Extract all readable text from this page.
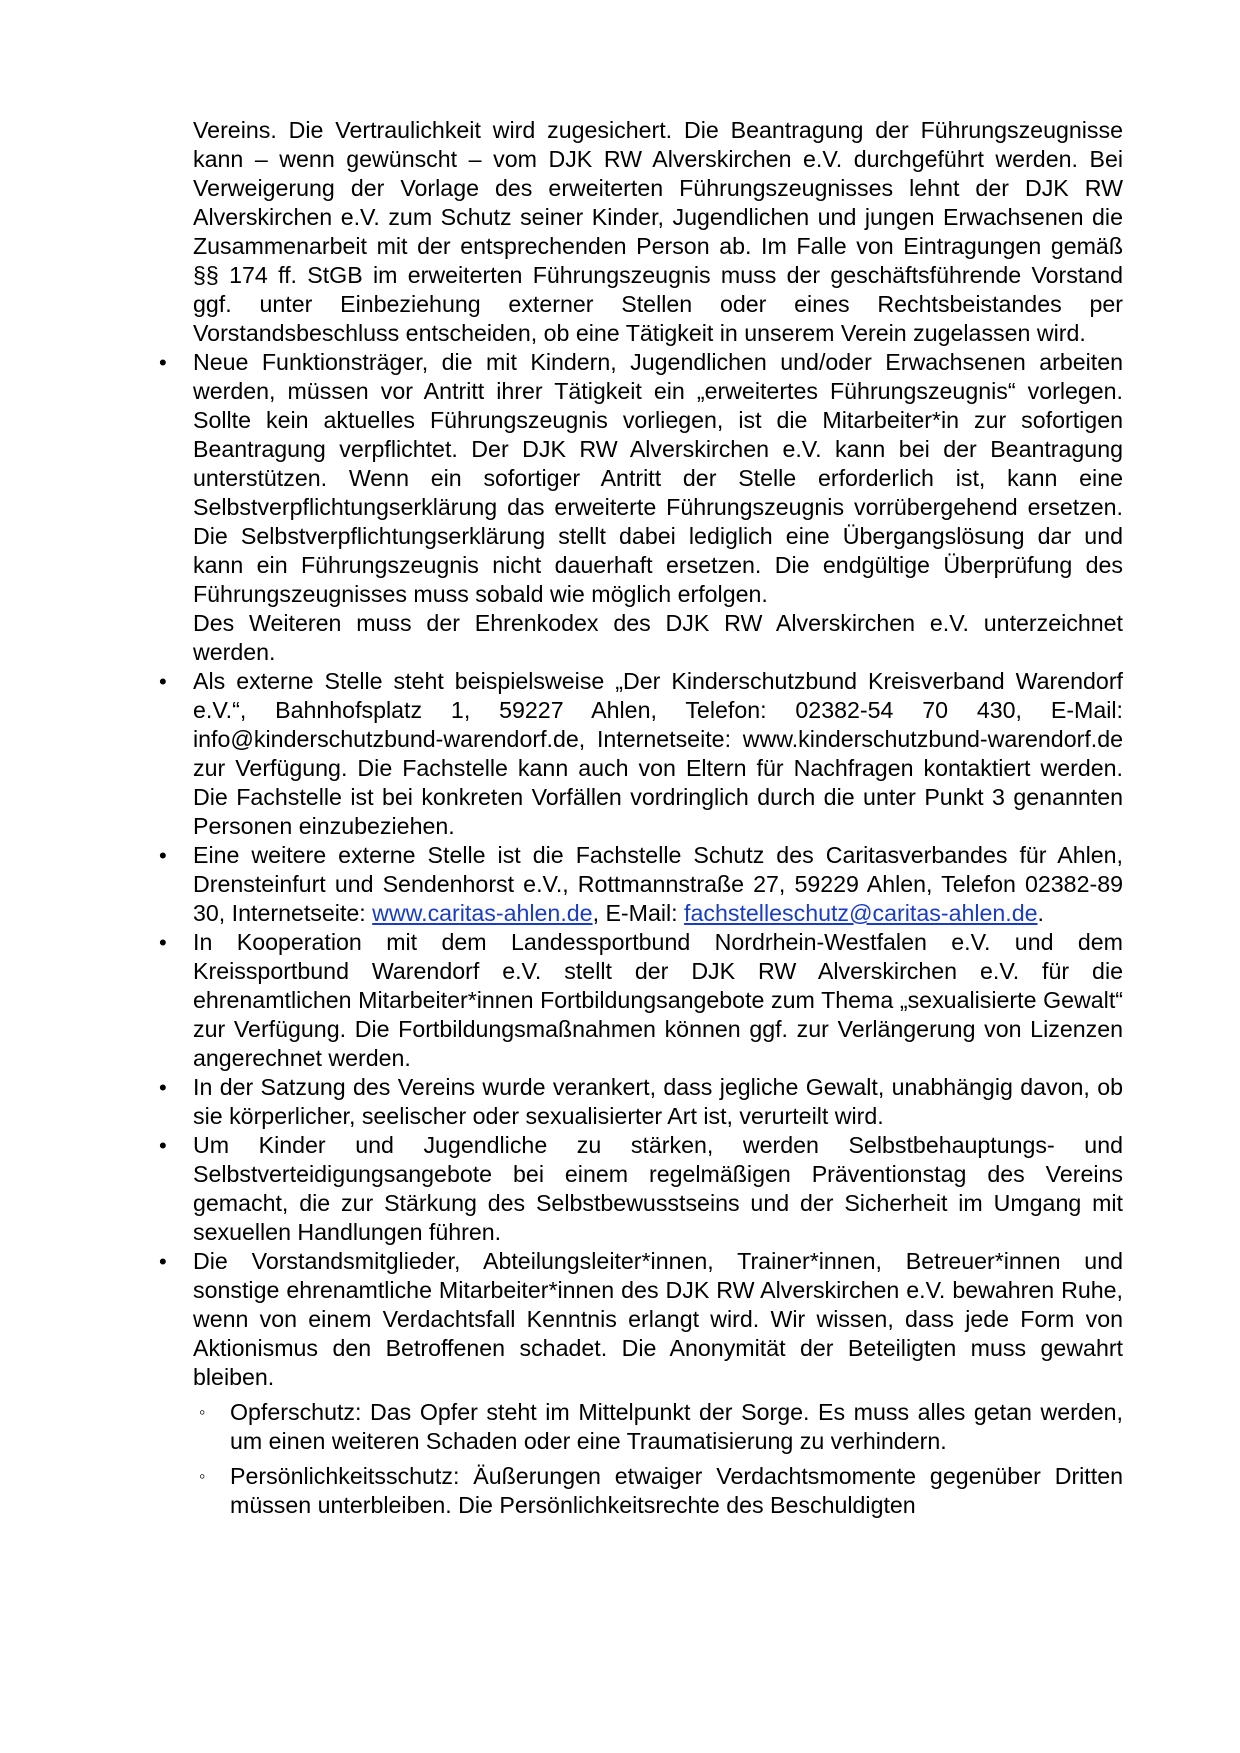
Vereins. Die Vertraulichkeit wird zugesichert. Die Beantragung der Führungszeugnisse kann – wenn gewünscht – vom DJK RW Alverskirchen e.V. durchgeführt werden. Bei Verweigerung der Vorlage des erweiterten Führungszeugnisses lehnt der DJK RW Alverskirchen e.V. zum Schutz seiner Kinder, Jugendlichen und jungen Erwachsenen die Zusammenarbeit mit der entsprechenden Person ab. Im Falle von Eintragungen gemäß §§ 174 ff. StGB im erweiterten Führungszeugnis muss der geschäftsführende Vorstand ggf. unter Einbeziehung externer Stellen oder eines Rechtsbeistandes per Vorstandsbeschluss entscheiden, ob eine Tätigkeit in unserem Verein zugelassen wird.

• Neue Funktionsträger, die mit Kindern, Jugendlichen und/oder Erwachsenen arbeiten werden, müssen vor Antritt ihrer Tätigkeit ein „erweitertes Führungszeugnis“ vorlegen. Sollte kein aktuelles Führungszeugnis vorliegen, ist die Mitarbeiter*in zur sofortigen Beantragung verpflichtet. Der DJK RW Alverskirchen e.V. kann bei der Beantragung unterstützen. Wenn ein sofortiger Antritt der Stelle erforderlich ist, kann eine Selbstverpflichtungserklärung das erweiterte Führungszeugnis vorrübergehend ersetzen. Die Selbstverpflichtungserklärung stellt dabei lediglich eine Übergangslösung dar und kann ein Führungszeugnis nicht dauerhaft ersetzen. Die endgültige Überprüfung des Führungszeugnisses muss sobald wie möglich erfolgen.
Des Weiteren muss der Ehrenkodex des DJK RW Alverskirchen e.V. unterzeichnet werden.
• Als externe Stelle steht beispielsweise „Der Kinderschutzbund Kreisverband Warendorf e.V.“, Bahnhofsplatz 1, 59227 Ahlen, Telefon: 02382-54 70 430, E-Mail: info@kinderschutzbund-warendorf.de, Internetseite: www.kinderschutzbund-warendorf.de zur Verfügung. Die Fachstelle kann auch von Eltern für Nachfragen kontaktiert werden. Die Fachstelle ist bei konkreten Vorfällen vordringlich durch die unter Punkt 3 genannten Personen einzubeziehen.
• Eine weitere externe Stelle ist die Fachstelle Schutz des Caritasverbandes für Ahlen, Drensteinfurt und Sendenhorst e.V., Rottmannstraße 27, 59229 Ahlen, Telefon 02382-89 30, Internetseite: www.caritas-ahlen.de, E-Mail: fachstelleschutz@caritas-ahlen.de.
• In Kooperation mit dem Landessportbund Nordrhein-Westfalen e.V. und dem Kreissportbund Warendorf e.V. stellt der DJK RW Alverskirchen e.V. für die ehrenamtlichen Mitarbeiter*innen Fortbildungsangebote zum Thema „sexualisierte Gewalt“ zur Verfügung. Die Fortbildungsmaßnahmen können ggf. zur Verlängerung von Lizenzen angerechnet werden.
• In der Satzung des Vereins wurde verankert, dass jegliche Gewalt, unabhängig davon, ob sie körperlicher, seelischer oder sexualisierter Art ist, verurteilt wird.
• Um Kinder und Jugendliche zu stärken, werden Selbstbehauptungs- und Selbstverteidigungsangebote bei einem regelmäßigen Präventionstag des Vereins gemacht, die zur Stärkung des Selbstbewusstseins und der Sicherheit im Umgang mit sexuellen Handlungen führen.
• Die Vorstandsmitglieder, Abteilungsleiter*innen, Trainer*innen, Betreuer*innen und sonstige ehrenamtliche Mitarbeiter*innen des DJK RW Alverskirchen e.V. bewahren Ruhe, wenn von einem Verdachtsfall Kenntnis erlangt wird. Wir wissen, dass jede Form von Aktionismus den Betroffenen schadet. Die Anonymität der Beteiligten muss gewahrt bleiben.
◦ Opferschutz: Das Opfer steht im Mittelpunkt der Sorge. Es muss alles getan werden, um einen weiteren Schaden oder eine Traumatisierung zu verhindern.
◦ Persönlichkeitsschutz: Äußerungen etwaiger Verdachtsmomente gegenüber Dritten müssen unterbleiben. Die Persönlichkeitsrechte des Beschuldigten
